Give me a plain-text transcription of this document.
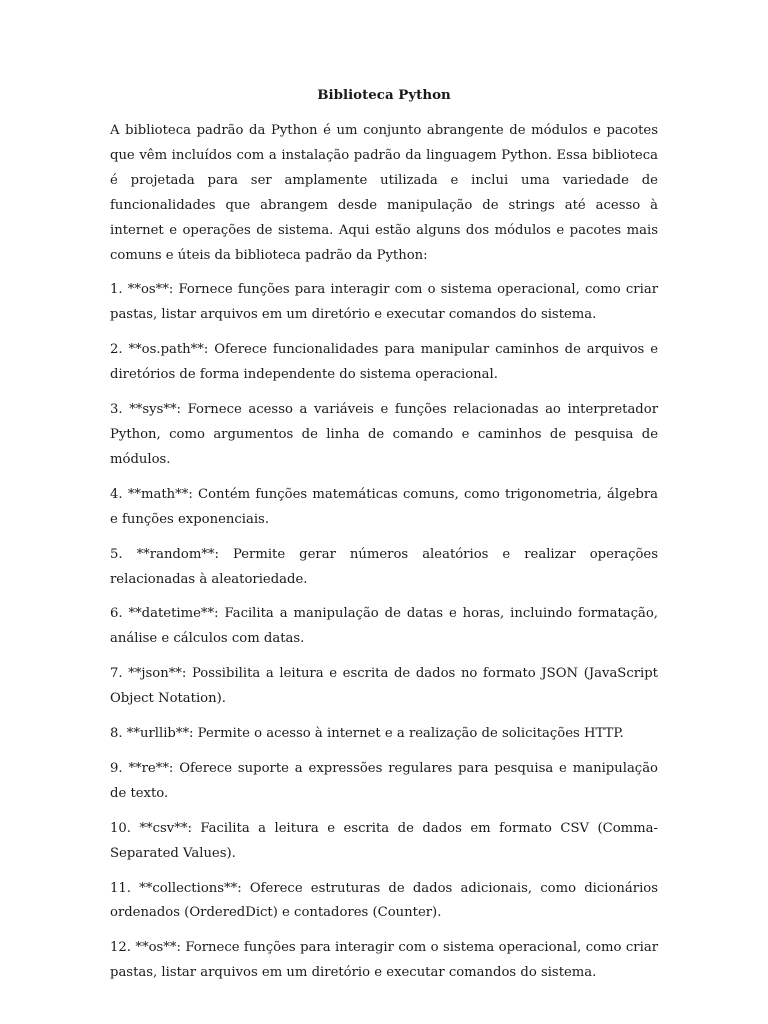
Biblioteca Python

A biblioteca padrão da Python é um conjunto abrangente de módulos e pacotes que vêm incluídos com a instalação padrão da linguagem Python. Essa biblioteca é projetada para ser amplamente utilizada e inclui uma variedade de funcionalidades que abrangem desde manipulação de strings até acesso à internet e operações de sistema. Aqui estão alguns dos módulos e pacotes mais comuns e úteis da biblioteca padrão da Python:

1. **os**: Fornece funções para interagir com o sistema operacional, como criar pastas, listar arquivos em um diretório e executar comandos do sistema.

2. **os.path**: Oferece funcionalidades para manipular caminhos de arquivos e diretórios de forma independente do sistema operacional.

3. **sys**: Fornece acesso a variáveis e funções relacionadas ao interpretador Python, como argumentos de linha de comando e caminhos de pesquisa de módulos.

4. **math**: Contém funções matemáticas comuns, como trigonometria, álgebra e funções exponenciais.

5. **random**: Permite gerar números aleatórios e realizar operações relacionadas à aleatoriedade.

6. **datetime**: Facilita a manipulação de datas e horas, incluindo formatação, análise e cálculos com datas.

7. **json**: Possibilita a leitura e escrita de dados no formato JSON (JavaScript Object Notation).

8. **urllib**: Permite o acesso à internet e a realização de solicitações HTTP.

9. **re**: Oferece suporte a expressões regulares para pesquisa e manipulação de texto.

10. **csv**: Facilita a leitura e escrita de dados em formato CSV (Comma-Separated Values).

11. **collections**: Oferece estruturas de dados adicionais, como dicionários ordenados (OrderedDict) e contadores (Counter).

12. **os**: Fornece funções para interagir com o sistema operacional, como criar pastas, listar arquivos em um diretório e executar comandos do sistema.
